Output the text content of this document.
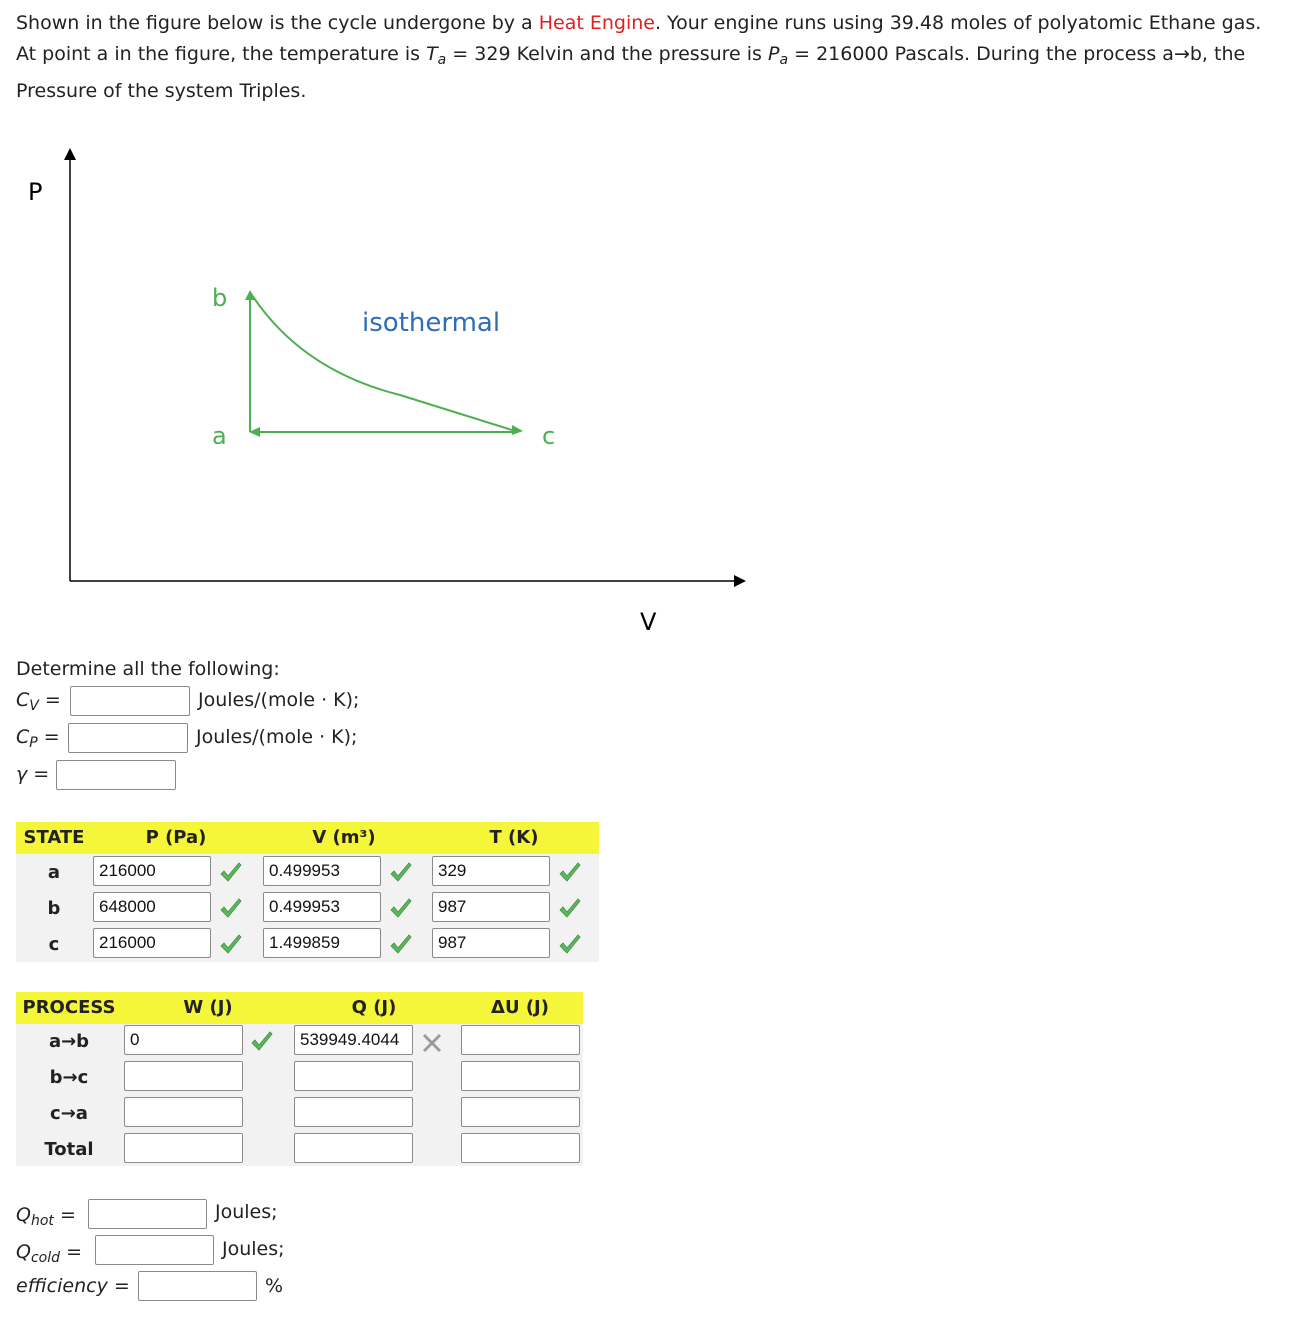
Shown in the figure below is the cycle undergone by a Heat Engine. Your engine runs using 39.48 moles of polyatomic Ethane gas. At point a in the figure, the temperature is $T_a = 329$ Kelvin and the pressure is $P_a = 216000$ Pascals. During the process a→b, the Pressure of the system Triples.
P
V
b
a	c
isothermal
Determine all the following:
$C_V$ =	Joules/(mole · K);
$C_P$ =	Joules/(mole · K);
γ =
STATE	P (Pa)	V (m³)	T (K)
a	216000	0.499953	329
b	648000	0.499953	987
c	216000	1.499859	987
PROCESS	W (J)	Q (J)	ΔU (J)
a→b	0	539949.4044
b→c
c→a
Total
$Q_{hot}$ =	Joules;
$Q_{cold}$ =	Joules;
efficiency =	%
